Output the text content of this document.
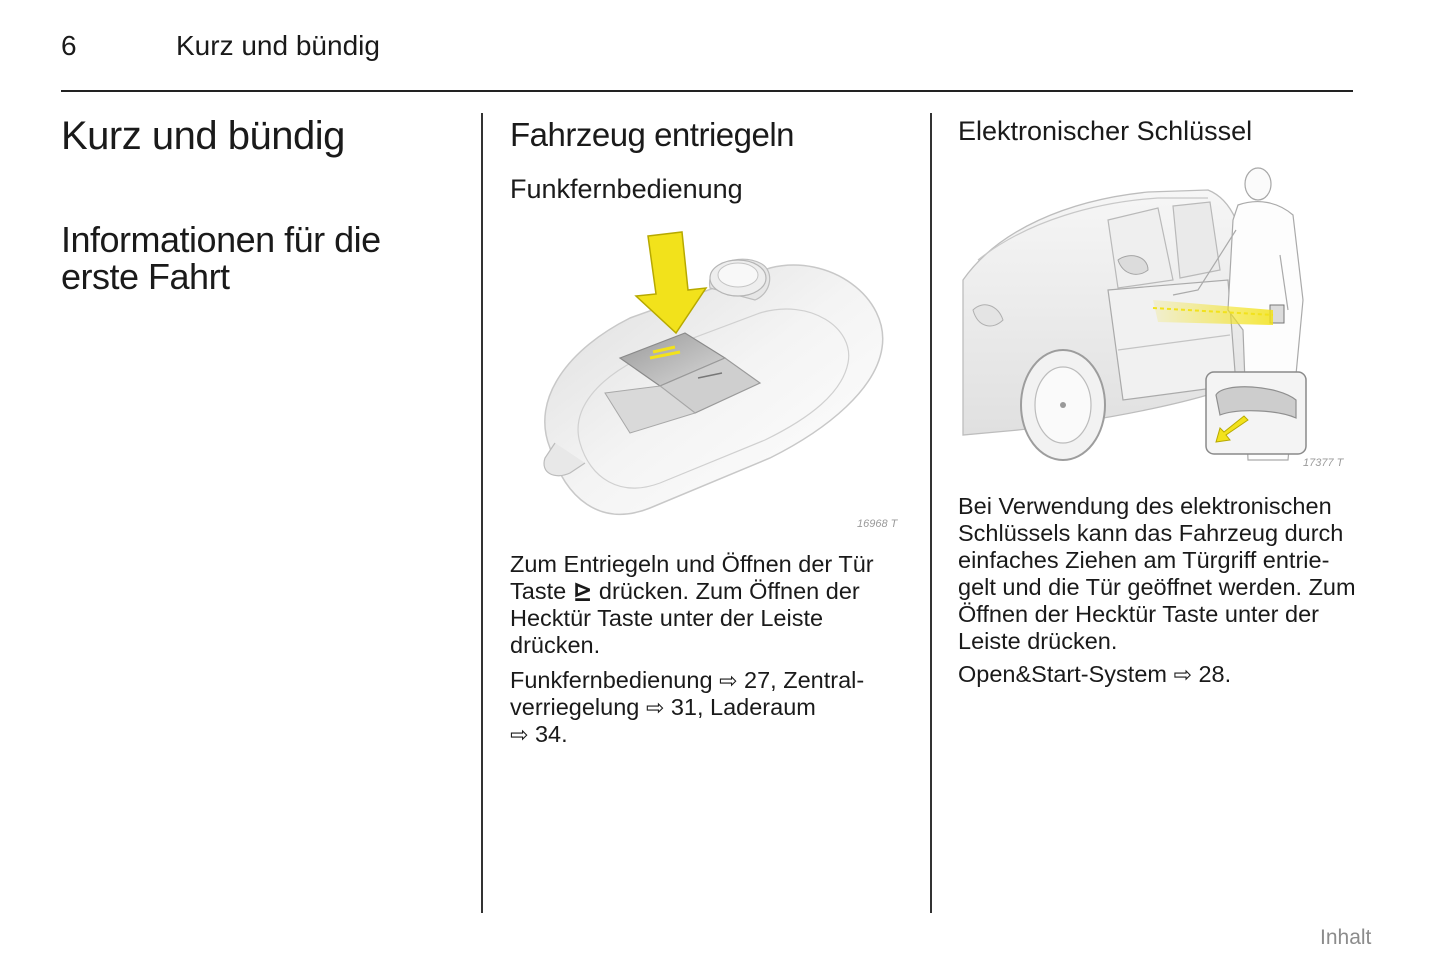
6	Kurz und bündig
Kurz und bündig
Informationen für die erste Fahrt
Fahrzeug entriegeln
Funkfernbedienung
16968 T

Zum Entriegeln und Öffnen der Tür Taste ⊵ drücken. Zum Öffnen der Hecktür Taste unter der Leiste drücken.

Funkfernbedienung ⇨ 27, Zentral-verriegelung ⇨ 31, Laderaum
⇨ 34.

Elektronischer Schlüssel
17377 T

Bei Verwendung des elektronischen Schlüssels kann das Fahrzeug durch einfaches Ziehen am Türgriff entrie-gelt und die Tür geöffnet werden. Zum Öffnen der Hecktür Taste unter der Leiste drücken.

Open&Start-System ⇨ 28.

Inhalt
